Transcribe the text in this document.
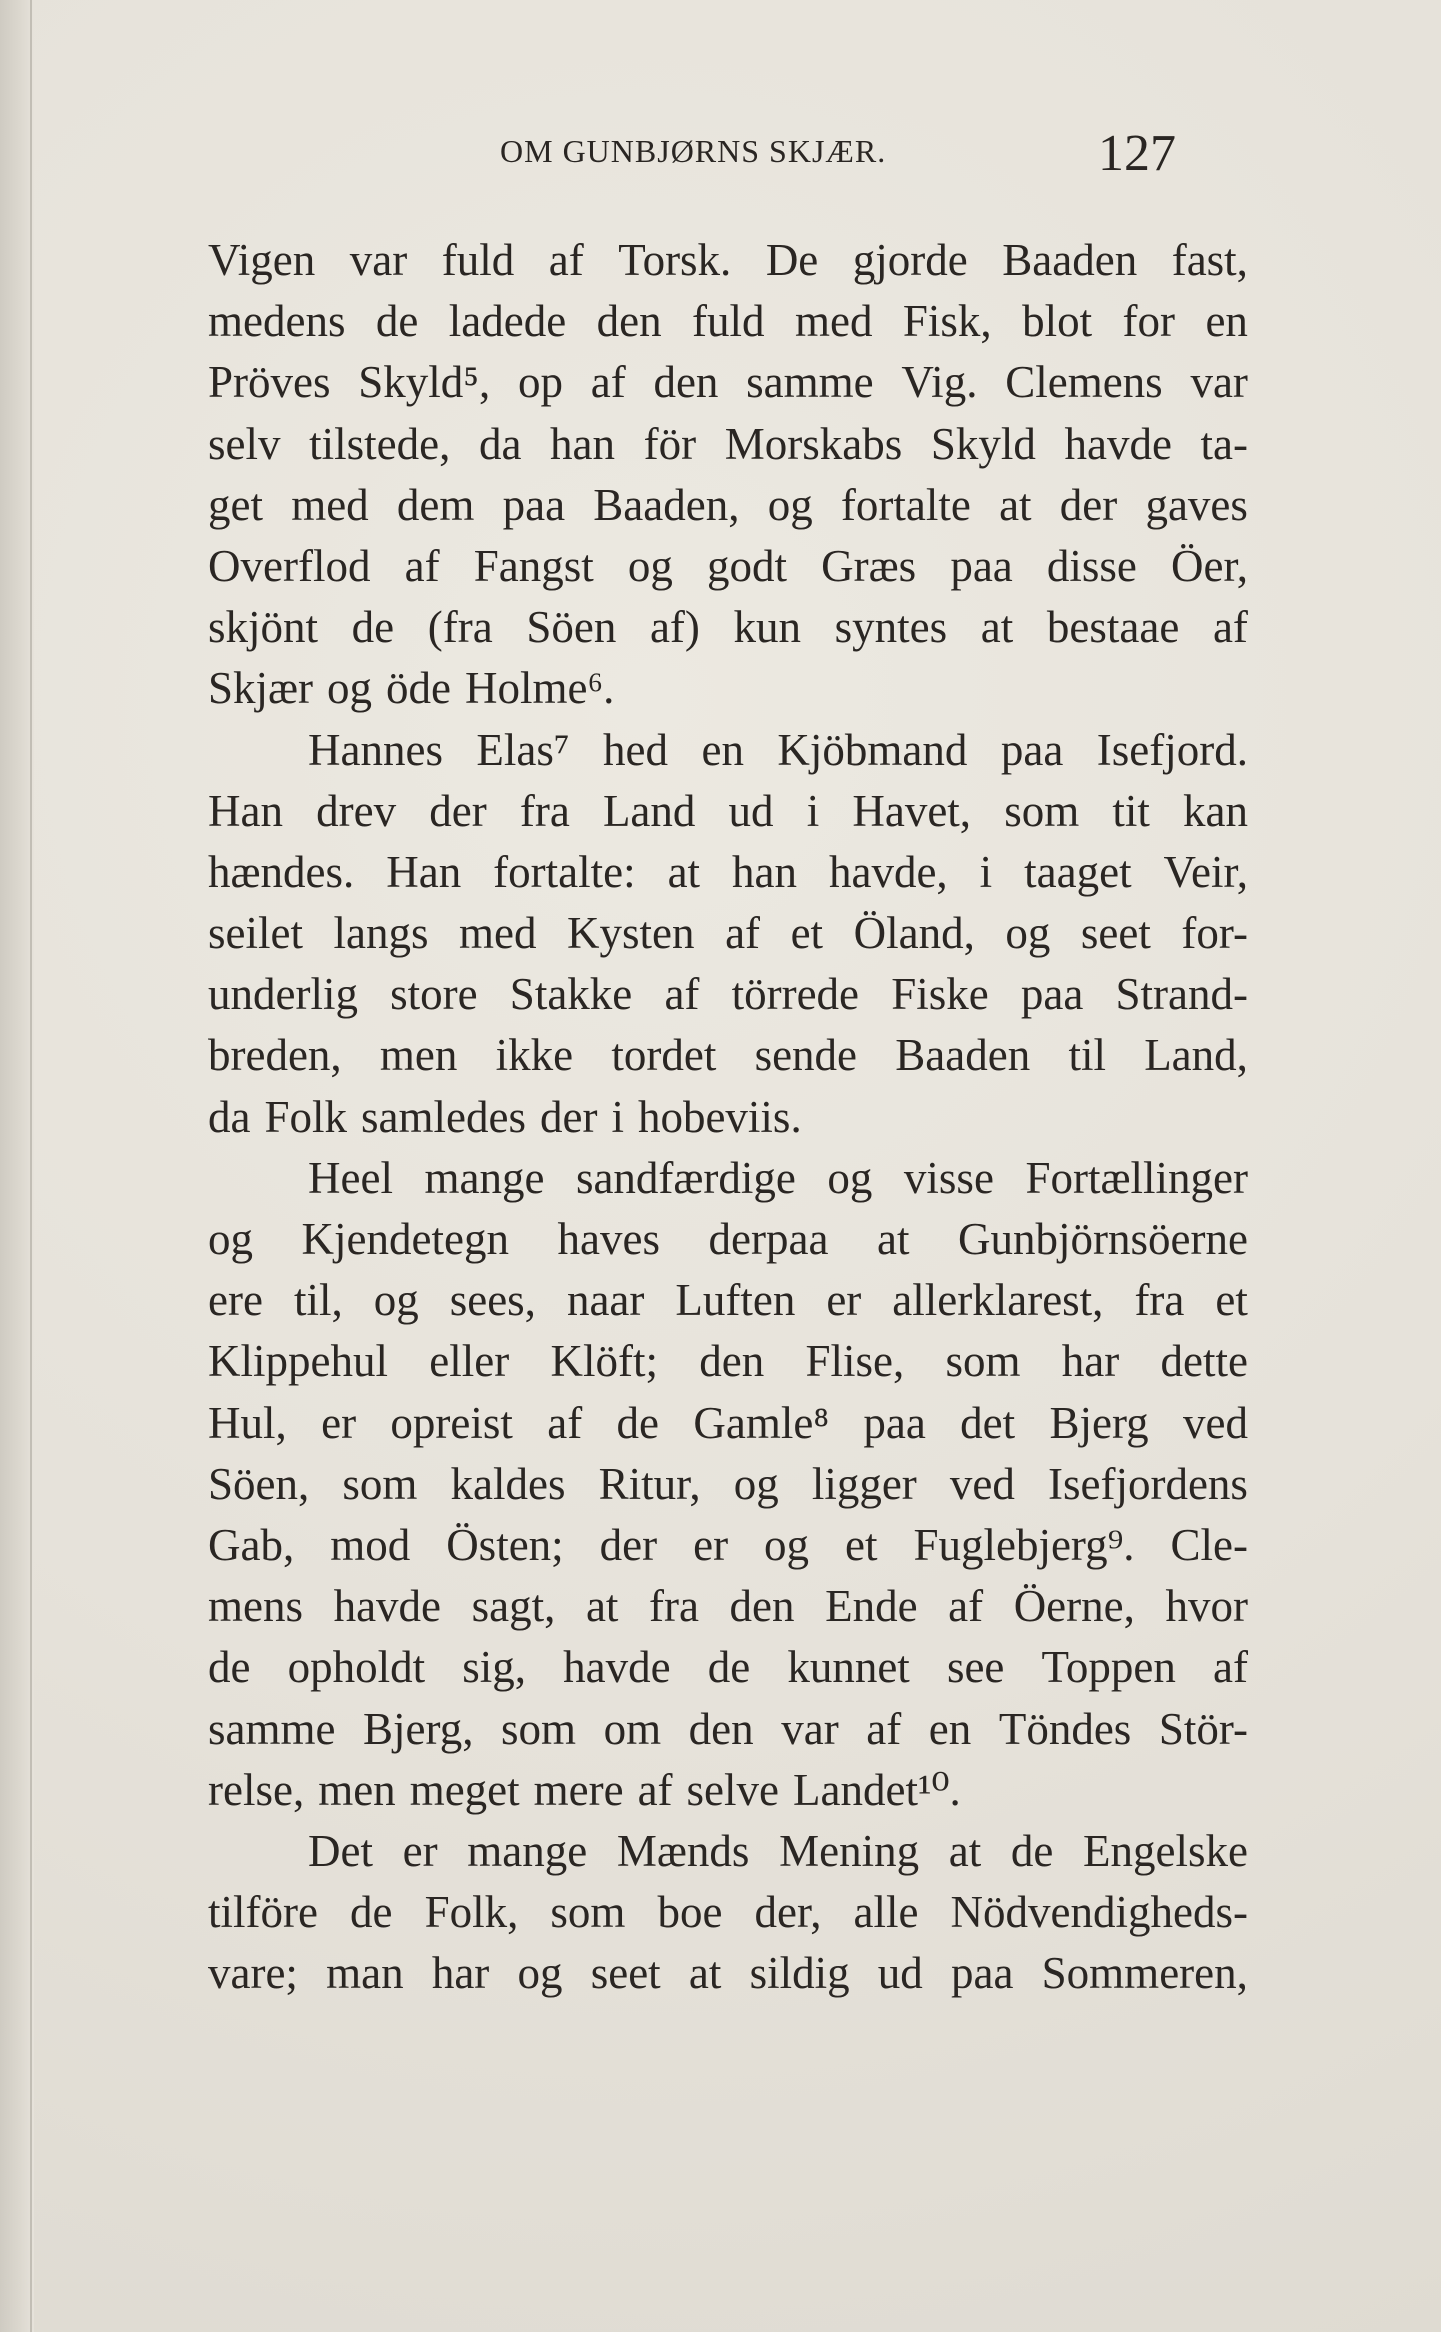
OM GUNBJØRNS SKJÆR.	127
Vigen var fuld af Torsk. De gjorde Baaden fast,
medens de ladede den fuld med Fisk, blot for en
Pröves Skyld⁵, op af den samme Vig. Clemens var
selv tilstede, da han för Morskabs Skyld havde ta-
get med dem paa Baaden, og fortalte at der gaves
Overflod af Fangst og godt Græs paa disse Öer,
skjönt de (fra Söen af) kun syntes at bestaae af
Skjær og öde Holme⁶.
Hannes Elas⁷ hed en Kjöbmand paa Isefjord.
Han drev der fra Land ud i Havet, som tit kan
hændes. Han fortalte: at han havde, i taaget Veir,
seilet langs med Kysten af et Öland, og seet for-
underlig store Stakke af törrede Fiske paa Strand-
breden, men ikke tordet sende Baaden til Land,
da Folk samledes der i hobeviis.
Heel mange sandfærdige og visse Fortællinger
og Kjendetegn haves derpaa at Gunbjörnsöerne
ere til, og sees, naar Luften er allerklarest, fra et
Klippehul eller Klöft; den Flise, som har dette
Hul, er opreist af de Gamle⁸ paa det Bjerg ved
Söen, som kaldes Ritur, og ligger ved Isefjordens
Gab, mod Östen; der er og et Fuglebjerg⁹. Cle-
mens havde sagt, at fra den Ende af Öerne, hvor
de opholdt sig, havde de kunnet see Toppen af
samme Bjerg, som om den var af en Töndes Stör-
relse, men meget mere af selve Landet¹⁰.
Det er mange Mænds Mening at de Engelske
tilföre de Folk, som boe der, alle Nödvendigheds-
vare; man har og seet at sildig ud paa Sommeren,
